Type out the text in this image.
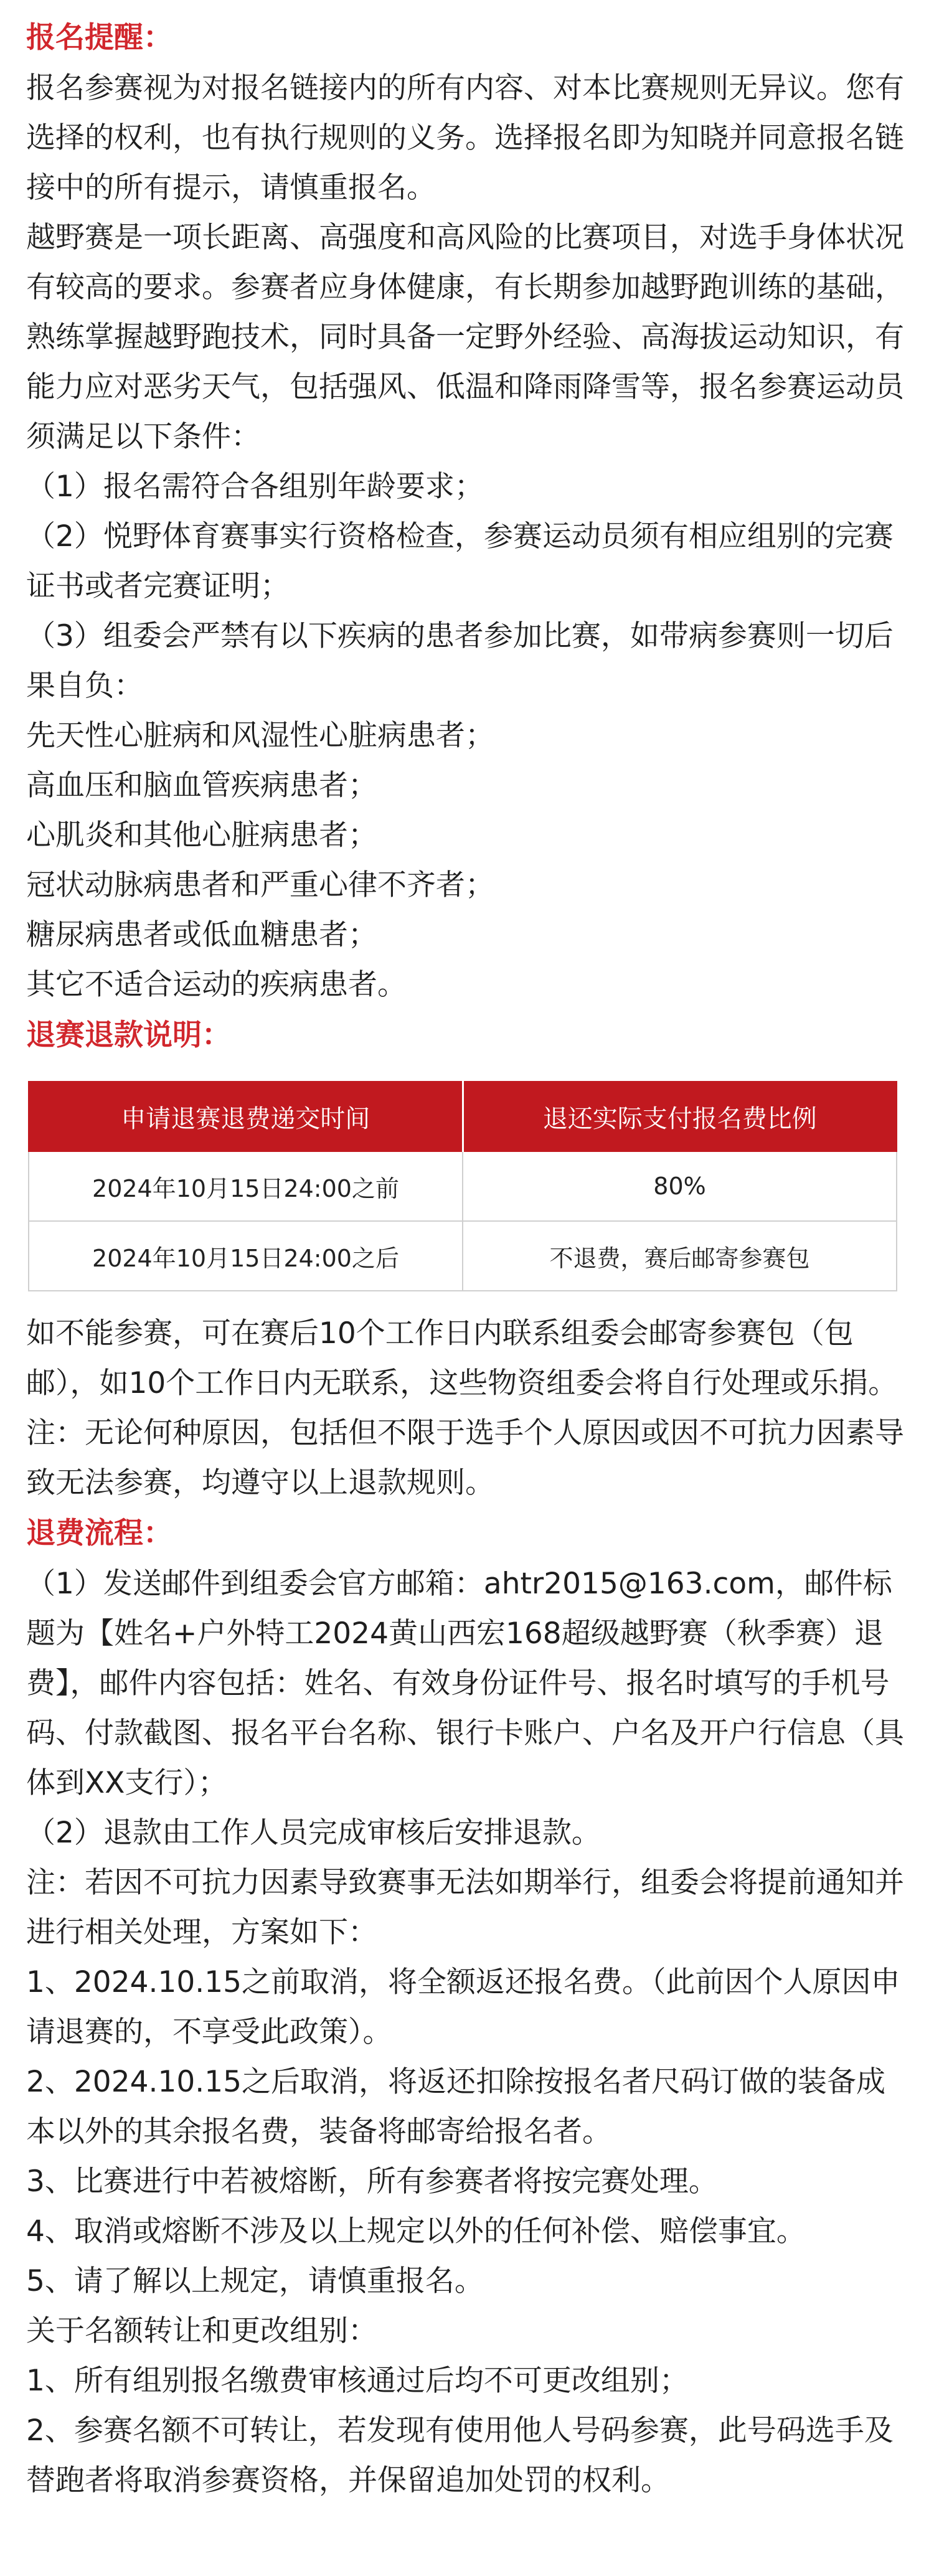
报名提醒：

报名参赛视为对报名链接内的所有内容、对本比赛规则无异议。您有选择的权利，也有执行规则的义务。选择报名即为知晓并同意报名链接中的所有提示，请慎重报名。

越野赛是一项长距离、高强度和高风险的比赛项目，对选手身体状况有较高的要求。参赛者应身体健康，有长期参加越野跑训练的基础，熟练掌握越野跑技术，同时具备一定野外经验、高海拔运动知识，有能力应对恶劣天气，包括强风、低温和降雨降雪等，报名参赛运动员须满足以下条件：

（1）报名需符合各组别年龄要求；

（2）悦野体育赛事实行资格检查，参赛运动员须有相应组别的完赛证书或者完赛证明；

（3）组委会严禁有以下疾病的患者参加比赛，如带病参赛则一切后果自负：

先天性心脏病和风湿性心脏病患者；

高血压和脑血管疾病患者；

心肌炎和其他心脏病患者；

冠状动脉病患者和严重心律不齐者；

糖尿病患者或低血糖患者；

其它不适合运动的疾病患者。

退赛退款说明：
申请退赛退费递交时间	退还实际支付报名费比例
2024年10月15日24:00之前	80%
2024年10月15日24:00之后	不退费，赛后邮寄参赛包

如不能参赛，可在赛后10个工作日内联系组委会邮寄参赛包（包邮），如10个工作日内无联系，这些物资组委会将自行处理或乐捐。

注：无论何种原因，包括但不限于选手个人原因或因不可抗力因素导致无法参赛，均遵守以上退款规则。

退费流程：

（1）发送邮件到组委会官方邮箱：ahtr2015@163.com，邮件标题为【姓名+户外特工2024黄山西宏168超级越野赛（秋季赛）退费】，邮件内容包括：姓名、有效身份证件号、报名时填写的手机号码、付款截图、报名平台名称、银行卡账户、户名及开户行信息（具体到XX支行）；

（2）退款由工作人员完成审核后安排退款。

注：若因不可抗力因素导致赛事无法如期举行，组委会将提前通知并进行相关处理，方案如下：

1、2024.10.15之前取消，将全额返还报名费。（此前因个人原因申请退赛的，不享受此政策）。

2、2024.10.15之后取消，将返还扣除按报名者尺码订做的装备成本以外的其余报名费，装备将邮寄给报名者。

3、比赛进行中若被熔断，所有参赛者将按完赛处理。

4、取消或熔断不涉及以上规定以外的任何补偿、赔偿事宜。

5、请了解以上规定，请慎重报名。

关于名额转让和更改组别：

1、所有组别报名缴费审核通过后均不可更改组别；

2、参赛名额不可转让，若发现有使用他人号码参赛，此号码选手及替跑者将取消参赛资格，并保留追加处罚的权利。
